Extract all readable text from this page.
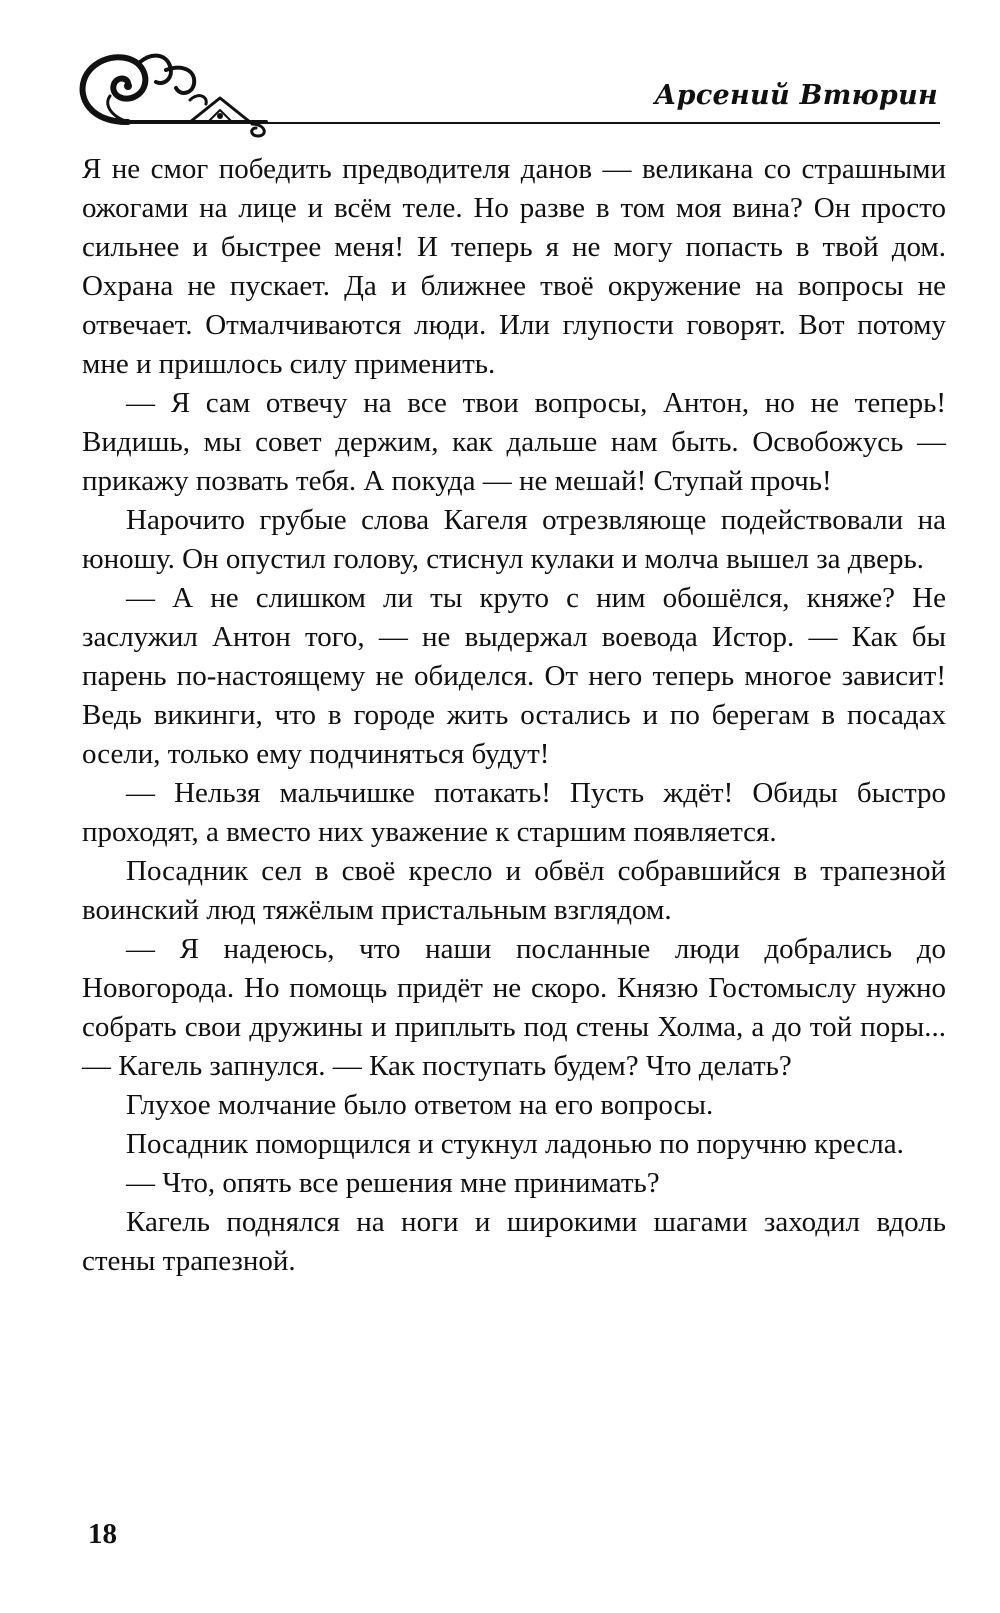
Арсений Втюрин

Я не смог победить предводителя данов — великана со страшными ожогами на лице и всём теле. Но разве в том моя вина? Он просто сильнее и быстрее меня! И теперь я не могу попасть в твой дом. Охрана не пускает. Да и ближнее твоё окружение на вопросы не отвечает. Отмалчиваются люди. Или глупости говорят. Вот потому мне и пришлось силу применить.

— Я сам отвечу на все твои вопросы, Антон, но не теперь! Видишь, мы совет держим, как дальше нам быть. Освобожусь — прикажу позвать тебя. А покуда — не мешай! Ступай прочь!

Нарочито грубые слова Кагеля отрезвляюще подействовали на юношу. Он опустил голову, стиснул кулаки и молча вышел за дверь.

— А не слишком ли ты круто с ним обошёлся, княже? Не заслужил Антон того, — не выдержал воевода Истор. — Как бы парень по-настоящему не обиделся. От него теперь многое зависит! Ведь викинги, что в городе жить остались и по берегам в посадах осели, только ему подчиняться будут!

— Нельзя мальчишке потакать! Пусть ждёт! Обиды быстро проходят, а вместо них уважение к старшим появляется.

Посадник сел в своё кресло и обвёл собравшийся в трапезной воинский люд тяжёлым пристальным взглядом.

— Я надеюсь, что наши посланные люди добрались до Новогорода. Но помощь придёт не скоро. Князю Гостомыслу нужно собрать свои дружины и приплыть под стены Холма, а до той поры... — Кагель запнулся. — Как поступать будем? Что делать?

Глухое молчание было ответом на его вопросы.

Посадник поморщился и стукнул ладонью по поручню кресла.

— Что, опять все решения мне принимать?

Кагель поднялся на ноги и широкими шагами заходил вдоль стены трапезной.

18
